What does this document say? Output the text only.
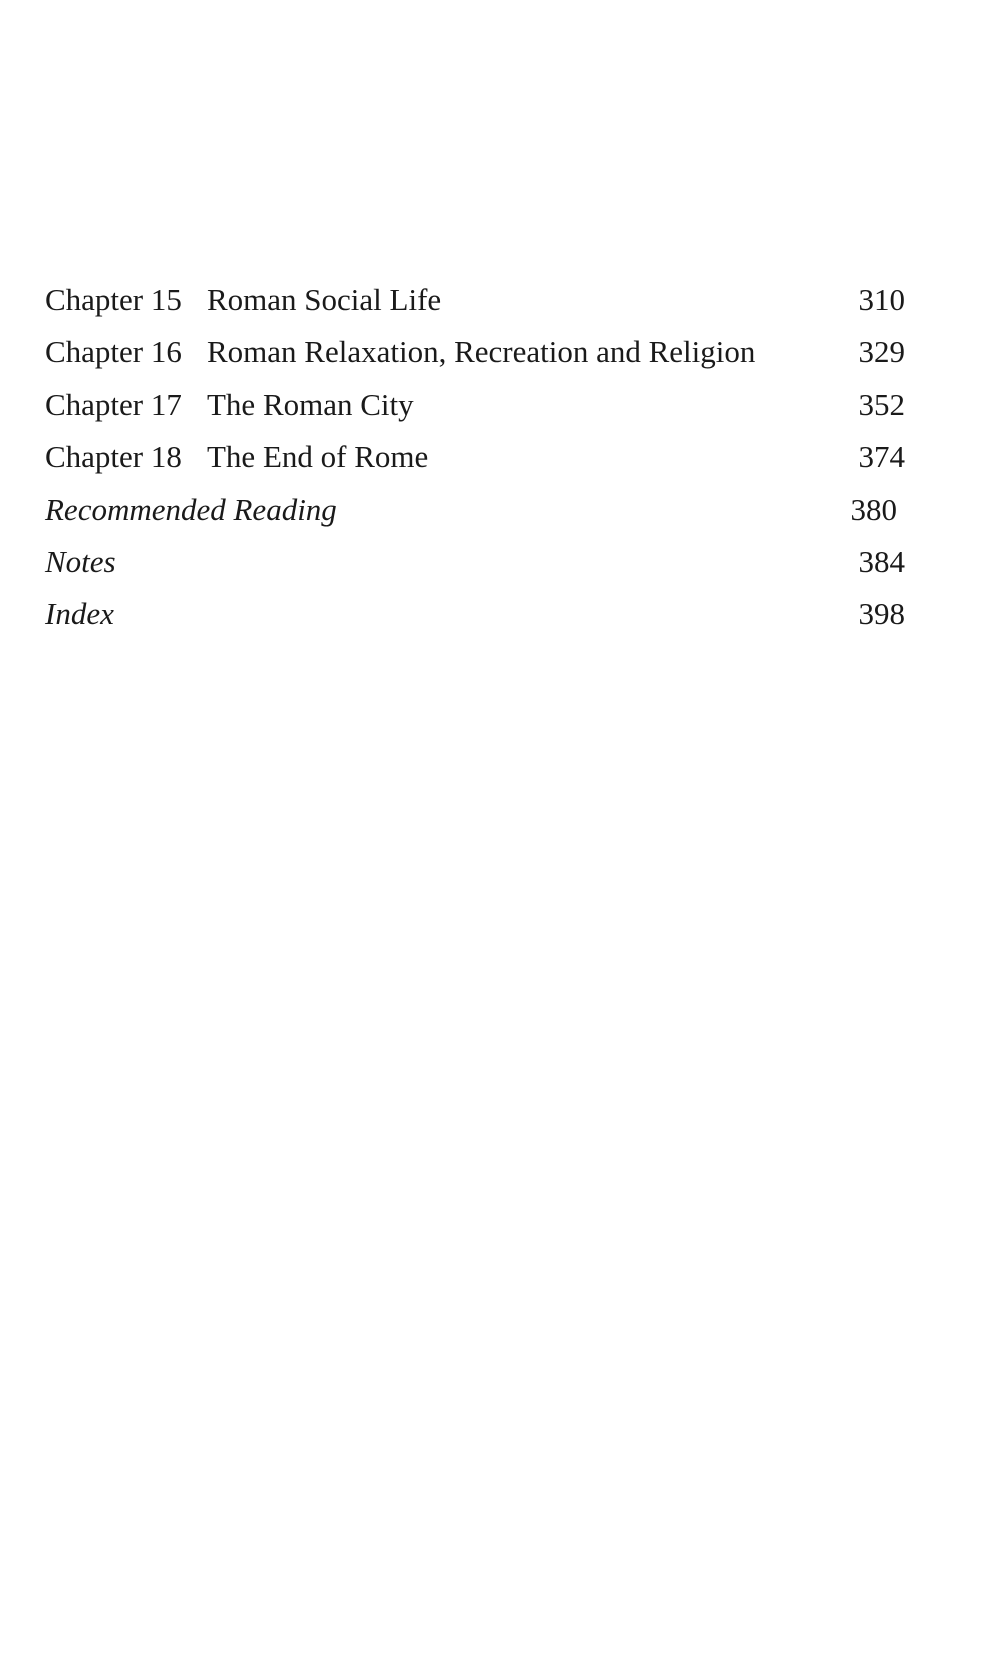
Chapter 15 Roman Social Life	310
Chapter 16 Roman Relaxation, Recreation and Religion	329
Chapter 17 The Roman City	352
Chapter 18 The End of Rome	374
Recommended Reading	380
Notes	384
Index	398
